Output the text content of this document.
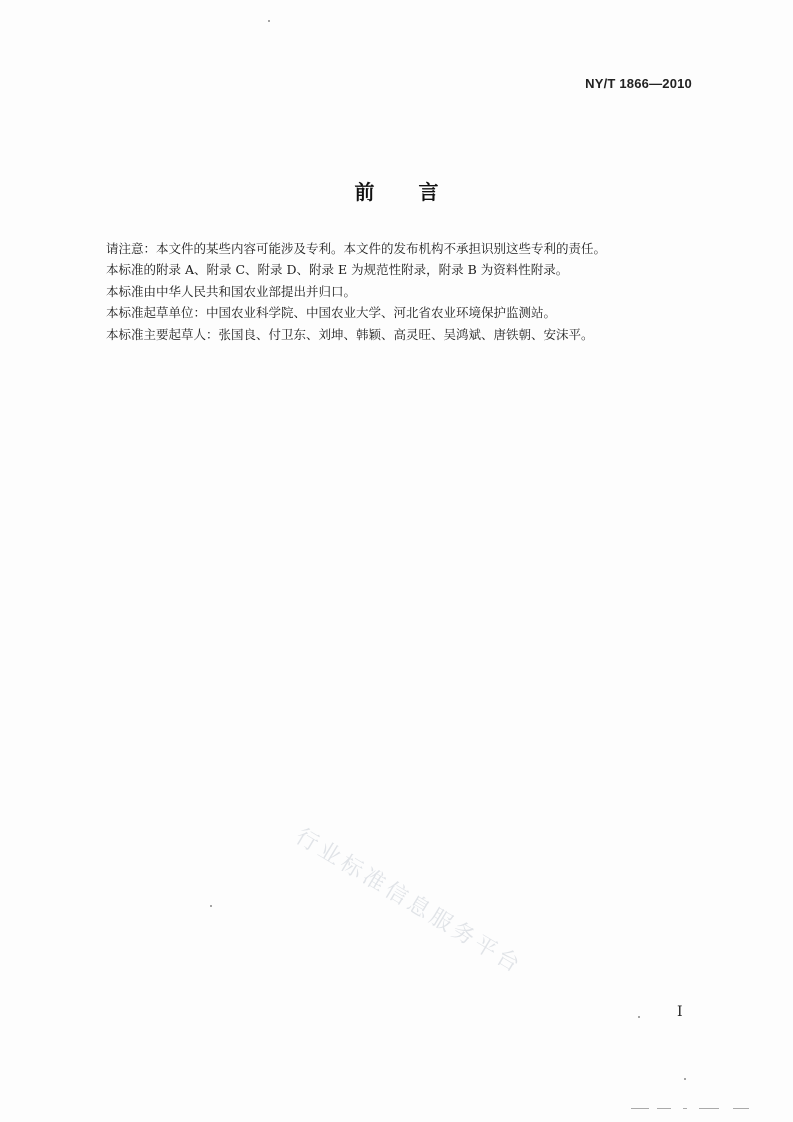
NY/T 1866—2010
前 言

请注意：本文件的某些内容可能涉及专利。本文件的发布机构不承担识别这些专利的责任。

本标准的附录 A、附录 C、附录 D、附录 E 为规范性附录，附录 B 为资料性附录。

本标准由中华人民共和国农业部提出并归口。

本标准起草单位：中国农业科学院、中国农业大学、河北省农业环境保护监测站。

本标准主要起草人：张国良、付卫东、刘坤、韩颖、高灵旺、吴鸿斌、唐铁朝、安沫平。

行业标准信息服务平台
I
